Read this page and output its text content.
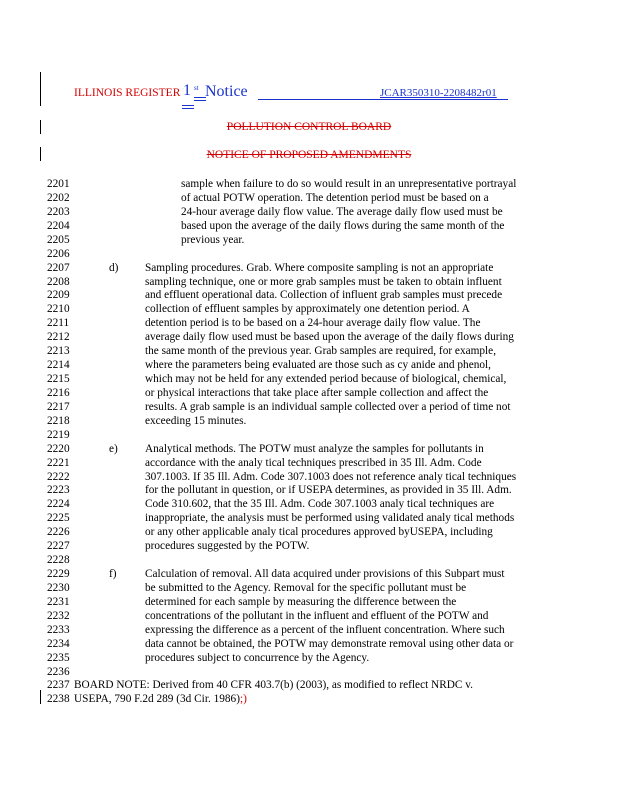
ILLINOIS REGISTER 1 st Notice	JCAR350310-2208482r01
POLLUTION CONTROL BOARD
NOTICE OF PROPOSED AMENDMENTS
2201	sample when failure to do so would result in an unrepresentative portrayal
2202	of actual POTW operation. The detention period must be based on a
2203	24-hour average daily flow value. The average daily flow used must be
2204	based upon the average of the daily flows during the same month of the
2205	previous year.
2206
2207	d) Sampling procedures. Grab. Where composite sampling is not an appropriate
2208	sampling technique, one or more grab samples must be taken to obtain influent
2209	and effluent operational data. Collection of influent grab samples must precede
2210	collection of effluent samples by approximately one detention period. A
2211	detention period is to be based on a 24-hour average daily flow value. The
2212	average daily flow used must be based upon the average of the daily flows during
2213	the same month of the previous year. Grab samples are required, for example,
2214	where the parameters being evaluated are those such as cy anide and phenol,
2215	which may not be held for any extended period because of biological, chemical,
2216	or physical interactions that take place after sample collection and affect the
2217	results. A grab sample is an individual sample collected over a period of time not
2218	exceeding 15 minutes.
2219
2220	e) Analytical methods. The POTW must analyze the samples for pollutants in
2221	accordance with the analy tical techniques prescribed in 35 Ill. Adm. Code
2222	307.1003. If 35 Ill. Adm. Code 307.1003 does not reference analy tical techniques
2223	for the pollutant in question, or if USEPA determines, as provided in 35 Ill. Adm.
2224	Code 310.602, that the 35 Ill. Adm. Code 307.1003 analy tical techniques are
2225	inappropriate, the analysis must be performed using validated analy tical methods
2226	or any other applicable analy tical procedures approved byUSEPA, including
2227	procedures suggested by the POTW.
2228
2229	f)	Calculation of removal. All data acquired under provisions of this Subpart must
2230	be submitted to the Agency. Removal for the specific pollutant must be
2231	determined for each sample by measuring the difference between the
2232	concentrations of the pollutant in the influent and effluent of the POTW and
2233	expressing the difference as a percent of the influent concentration. Where such
2234	data cannot be obtained, the POTW may demonstrate removal using other data or
2235	procedures subject to concurrence by the Agency.
2236
2237 BOARD NOTE: Derived from 40 CFR 403.7(b) (2003), as modified to reflect NRDC v.
2238 USEPA, 790 F.2d 289 (3d Cir. 1986);)
